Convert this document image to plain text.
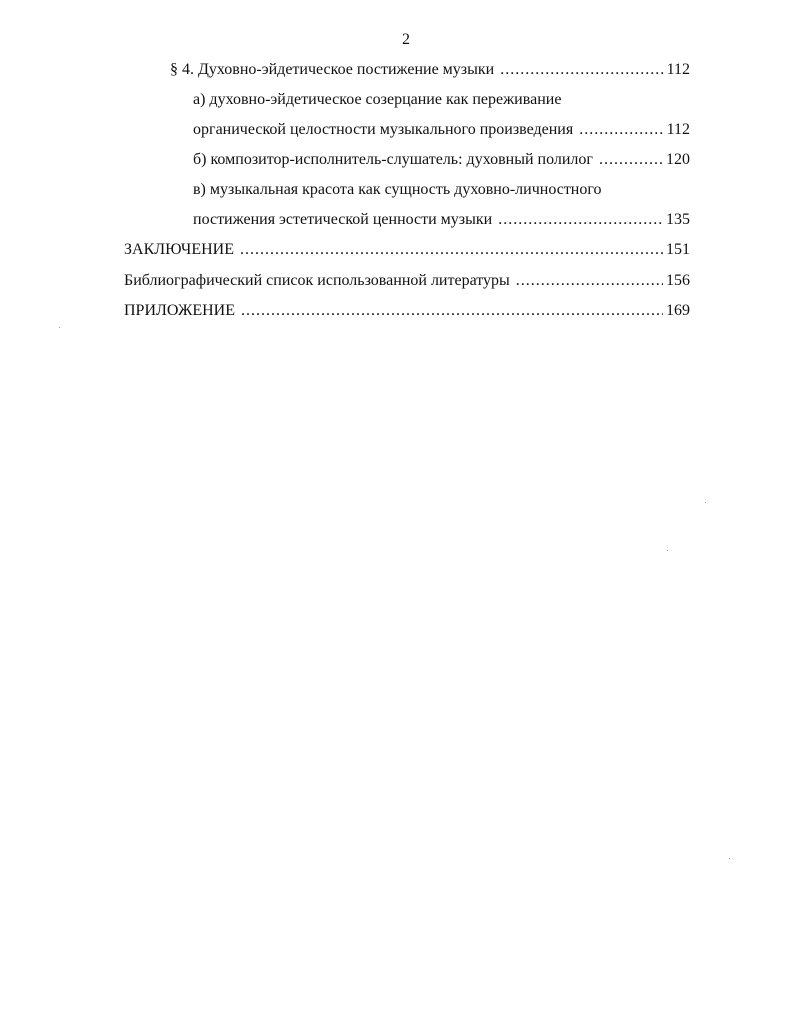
2
§ 4. Духовно-эйдетическое постижение музыки .....	112
а) духовно-эйдетическое созерцание как переживание
органической целостности музыкального произведения .....	112
б) композитор-исполнитель-слушатель: духовный полилог .....	120
в) музыкальная красота как сущность духовно-личностного
постижения эстетической ценности музыки .....	135
ЗАКЛЮЧЕНИЕ .....	151
Библиографический список использованной литературы .....	156
ПРИЛОЖЕНИЕ .....	169
